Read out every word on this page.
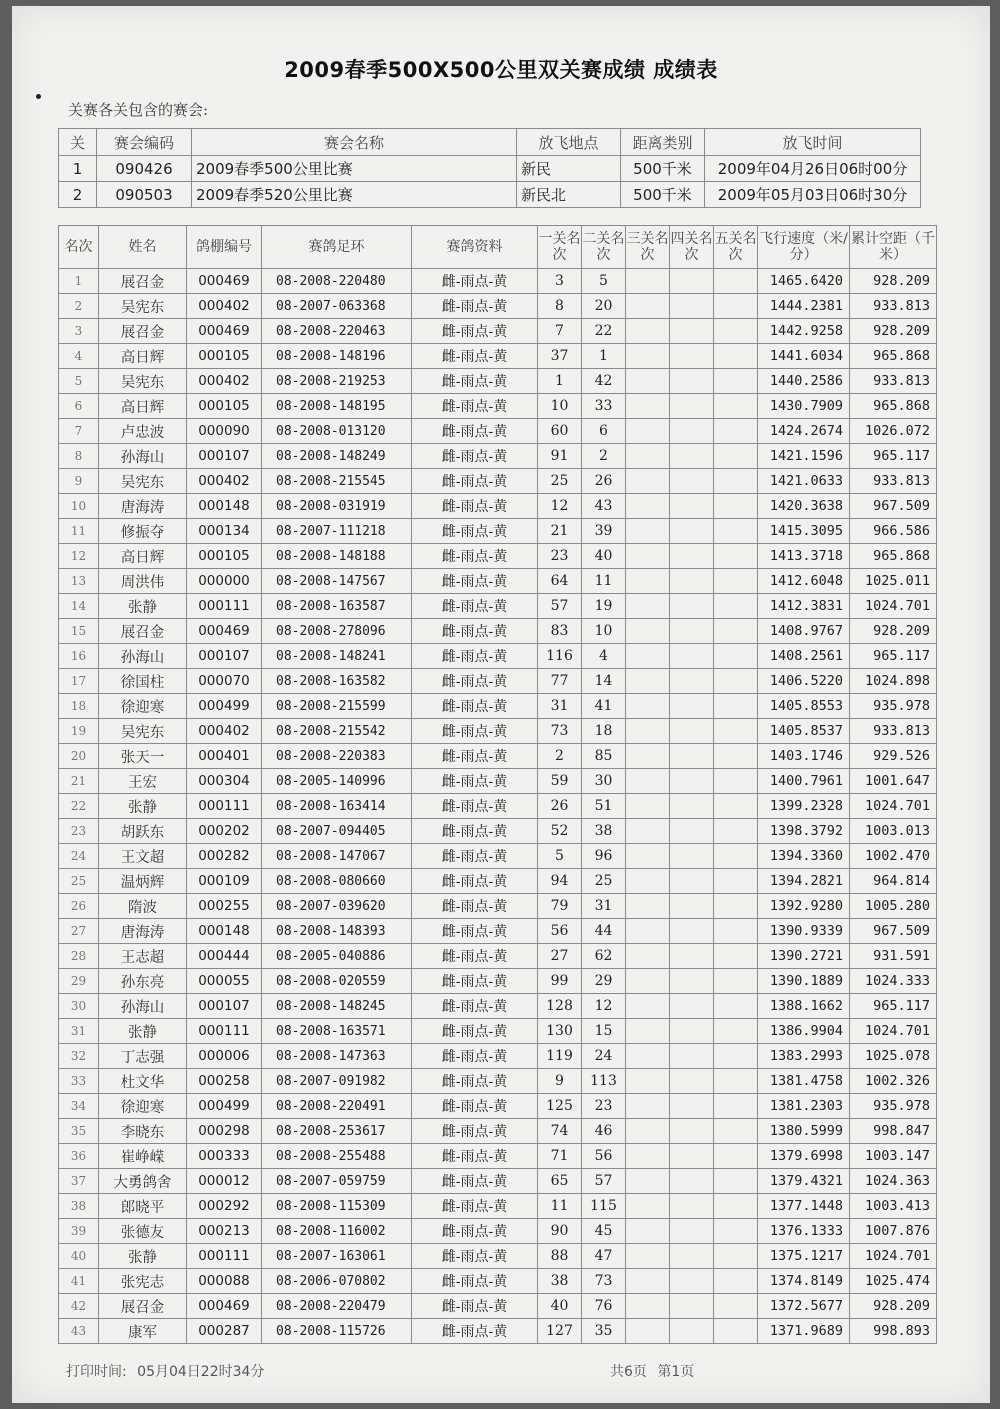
2009春季500X500公里双关赛成绩 成绩表
关赛各关包含的赛会:
关	赛会编码	赛会名称	放飞地点	距离类别	放飞时间
1	090426	2009春季500公里比赛	新民	500千米	2009年04月26日06时00分
2	090503	2009春季520公里比赛	新民北	500千米	2009年05月03日06时30分
名次	姓名	鸽棚编号	赛鸽足环	赛鸽资料	一关名次	二关名次	三关名次	四关名次	五关名次	飞行速度（米/分）	累计空距（千米）
1	展召金	000469	08-2008-220480	雌-雨点-黄	3	5				1465.6420	928.209
2	吴宪东	000402	08-2007-063368	雌-雨点-黄	8	20				1444.2381	933.813
3	展召金	000469	08-2008-220463	雌-雨点-黄	7	22				1442.9258	928.209
4	高日辉	000105	08-2008-148196	雌-雨点-黄	37	1				1441.6034	965.868
5	吴宪东	000402	08-2008-219253	雌-雨点-黄	1	42				1440.2586	933.813
6	高日辉	000105	08-2008-148195	雌-雨点-黄	10	33				1430.7909	965.868
7	卢忠波	000090	08-2008-013120	雌-雨点-黄	60	6				1424.2674	1026.072
8	孙海山	000107	08-2008-148249	雌-雨点-黄	91	2				1421.1596	965.117
9	吴宪东	000402	08-2008-215545	雌-雨点-黄	25	26				1421.0633	933.813
10	唐海涛	000148	08-2008-031919	雌-雨点-黄	12	43				1420.3638	967.509
11	修振夺	000134	08-2007-111218	雌-雨点-黄	21	39				1415.3095	966.586
12	高日辉	000105	08-2008-148188	雌-雨点-黄	23	40				1413.3718	965.868
13	周洪伟	000000	08-2008-147567	雌-雨点-黄	64	11				1412.6048	1025.011
14	张静	000111	08-2008-163587	雌-雨点-黄	57	19				1412.3831	1024.701
15	展召金	000469	08-2008-278096	雌-雨点-黄	83	10				1408.9767	928.209
16	孙海山	000107	08-2008-148241	雌-雨点-黄	116	4				1408.2561	965.117
17	徐国柱	000070	08-2008-163582	雌-雨点-黄	77	14				1406.5220	1024.898
18	徐迎寒	000499	08-2008-215599	雌-雨点-黄	31	41				1405.8553	935.978
19	吴宪东	000402	08-2008-215542	雌-雨点-黄	73	18				1405.8537	933.813
20	张天一	000401	08-2008-220383	雌-雨点-黄	2	85				1403.1746	929.526
21	王宏	000304	08-2005-140996	雌-雨点-黄	59	30				1400.7961	1001.647
22	张静	000111	08-2008-163414	雌-雨点-黄	26	51				1399.2328	1024.701
23	胡跃东	000202	08-2007-094405	雌-雨点-黄	52	38				1398.3792	1003.013
24	王文超	000282	08-2008-147067	雌-雨点-黄	5	96				1394.3360	1002.470
25	温炳辉	000109	08-2008-080660	雌-雨点-黄	94	25				1394.2821	964.814
26	隋波	000255	08-2007-039620	雌-雨点-黄	79	31				1392.9280	1005.280
27	唐海涛	000148	08-2008-148393	雌-雨点-黄	56	44				1390.9339	967.509
28	王志超	000444	08-2005-040886	雌-雨点-黄	27	62				1390.2721	931.591
29	孙东亮	000055	08-2008-020559	雌-雨点-黄	99	29				1390.1889	1024.333
30	孙海山	000107	08-2008-148245	雌-雨点-黄	128	12				1388.1662	965.117
31	张静	000111	08-2008-163571	雌-雨点-黄	130	15				1386.9904	1024.701
32	丁志强	000006	08-2008-147363	雌-雨点-黄	119	24				1383.2993	1025.078
33	杜文华	000258	08-2007-091982	雌-雨点-黄	9	113				1381.4758	1002.326
34	徐迎寒	000499	08-2008-220491	雌-雨点-黄	125	23				1381.2303	935.978
35	李晓东	000298	08-2008-253617	雌-雨点-黄	74	46				1380.5999	998.847
36	崔峥嵘	000333	08-2008-255488	雌-雨点-黄	71	56				1379.6998	1003.147
37	大勇鸽舍	000012	08-2007-059759	雌-雨点-黄	65	57				1379.4321	1024.363
38	郎晓平	000292	08-2008-115309	雌-雨点-黄	11	115				1377.1448	1003.413
39	张德友	000213	08-2008-116002	雌-雨点-黄	90	45				1376.1333	1007.876
40	张静	000111	08-2007-163061	雌-雨点-黄	88	47				1375.1217	1024.701
41	张宪志	000088	08-2006-070802	雌-雨点-黄	38	73				1374.8149	1025.474
42	展召金	000469	08-2008-220479	雌-雨点-黄	40	76				1372.5677	928.209
43	康军	000287	08-2008-115726	雌-雨点-黄	127	35				1371.9689	998.893
打印时间: 05月04日22时34分	共6页 第1页
